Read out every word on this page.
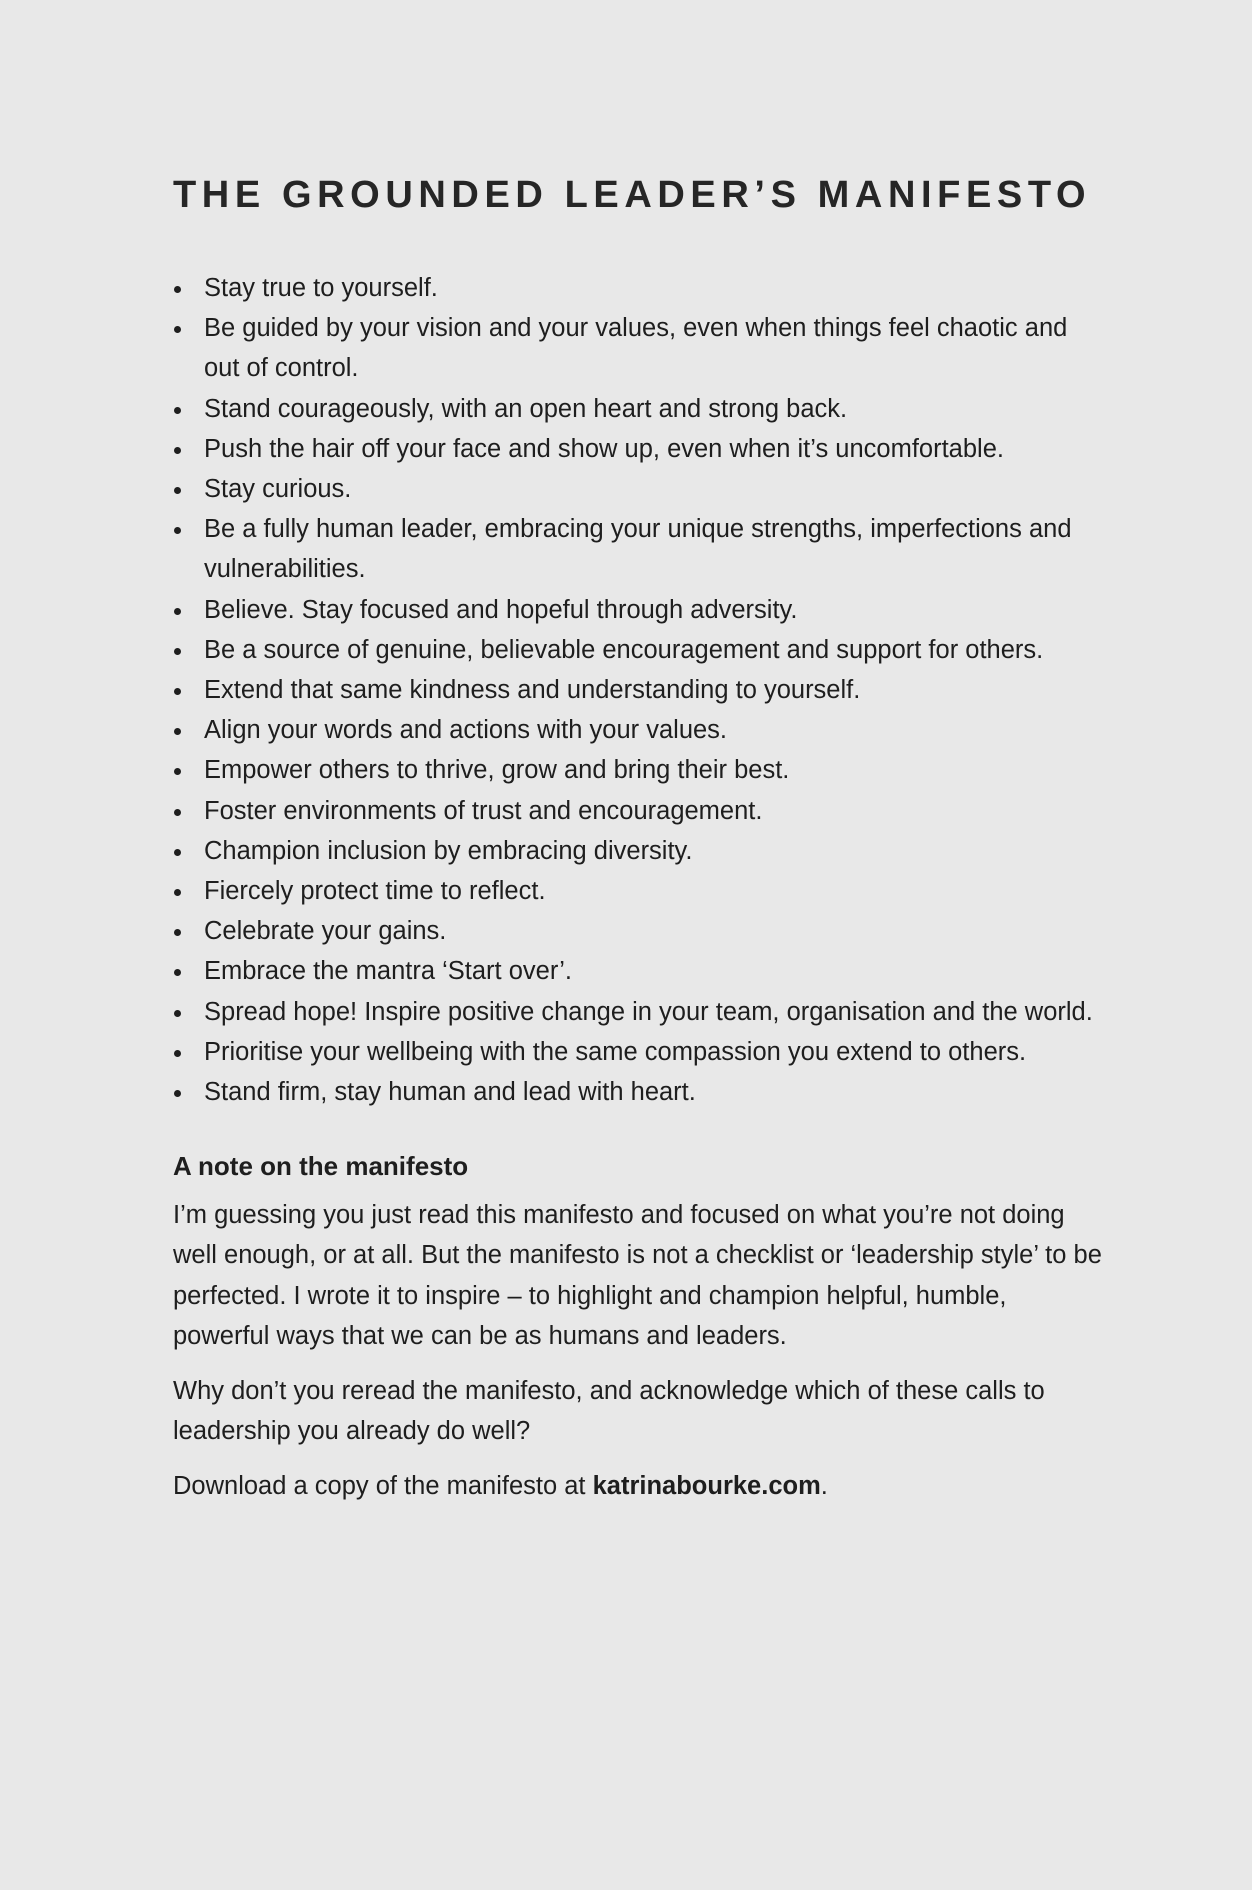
THE GROUNDED LEADER’S MANIFESTO
Stay true to yourself.
Be guided by your vision and your values, even when things feel chaotic and out of control.
Stand courageously, with an open heart and strong back.
Push the hair off your face and show up, even when it’s uncomfortable.
Stay curious.
Be a fully human leader, embracing your unique strengths, imperfections and vulnerabilities.
Believe. Stay focused and hopeful through adversity.
Be a source of genuine, believable encouragement and support for others.
Extend that same kindness and understanding to yourself.
Align your words and actions with your values.
Empower others to thrive, grow and bring their best.
Foster environments of trust and encouragement.
Champion inclusion by embracing diversity.
Fiercely protect time to reflect.
Celebrate your gains.
Embrace the mantra ‘Start over’.
Spread hope! Inspire positive change in your team, organisation and the world.
Prioritise your wellbeing with the same compassion you extend to others.
Stand firm, stay human and lead with heart.
A note on the manifesto

I’m guessing you just read this manifesto and focused on what you’re not doing well enough, or at all. But the manifesto is not a checklist or ‘leadership style’ to be perfected. I wrote it to inspire – to highlight and champion helpful, humble, powerful ways that we can be as humans and leaders.

Why don’t you reread the manifesto, and acknowledge which of these calls to leadership you already do well?

Download a copy of the manifesto at katrinabourke.com.
